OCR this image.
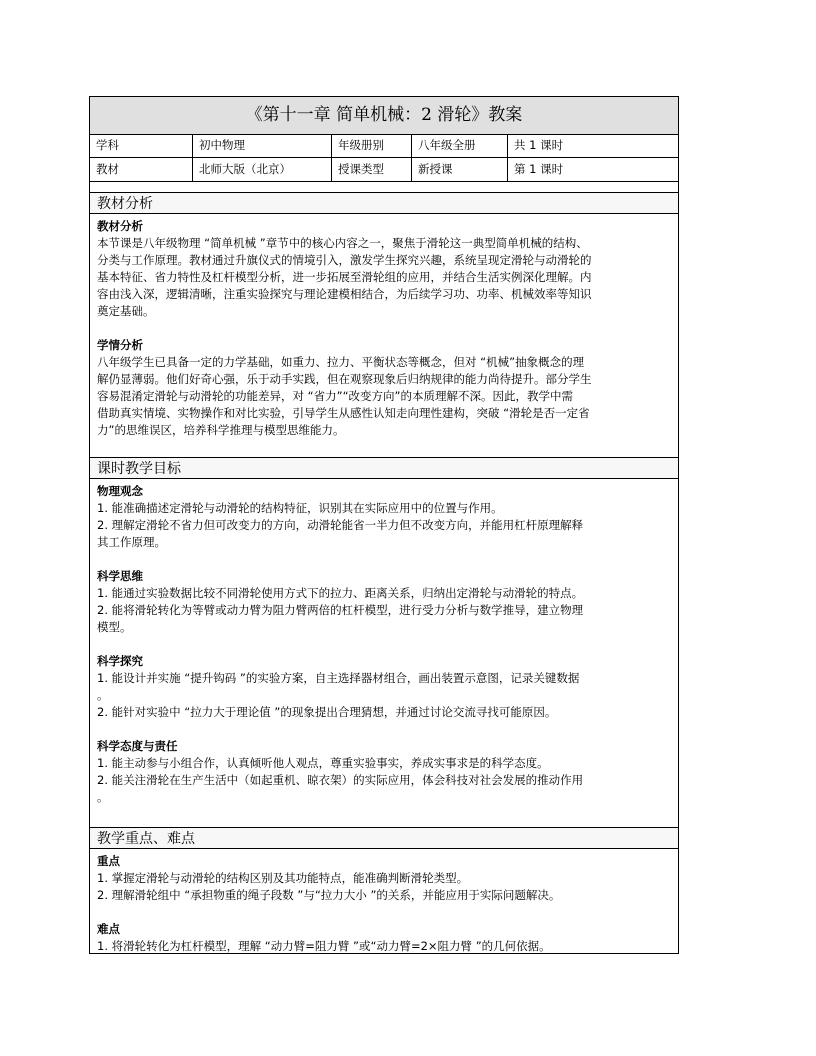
《第十一章 简单机械：2 滑轮》教案
学科	初中物理	年级册别	八年级全册	共 1 课时
教材	北师大版（北京）	授课类型	新授课	第 1 课时
教材分析
教材分析

本节课是八年级物理 “简单机械 ”章节中的核心内容之一，聚焦于滑轮这一典型简单机械的结构、

分类与工作原理。教材通过升旗仪式的情境引入，激发学生探究兴趣，系统呈现定滑轮与动滑轮的

基本特征、省力特性及杠杆模型分析，进一步拓展至滑轮组的应用，并结合生活实例深化理解。内

容由浅入深，逻辑清晰，注重实验探究与理论建模相结合，为后续学习功、功率、机械效率等知识

奠定基础。

学情分析

八年级学生已具备一定的力学基础，如重力、拉力、平衡状态等概念，但对 “机械”抽象概念的理

解仍显薄弱。他们好奇心强，乐于动手实践，但在观察现象后归纳规律的能力尚待提升。部分学生

容易混淆定滑轮与动滑轮的功能差异，对 “省力”“改变方向”的本质理解不深。因此，教学中需

借助真实情境、实物操作和对比实验，引导学生从感性认知走向理性建构，突破 “滑轮是否一定省

力”的思维误区，培养科学推理与模型思维能力。

课时教学目标
物理观念

1. 能准确描述定滑轮与动滑轮的结构特征，识别其在实际应用中的位置与作用。

2. 理解定滑轮不省力但可改变力的方向，动滑轮能省一半力但不改变方向，并能用杠杆原理解释

其工作原理。

科学思维

1. 能通过实验数据比较不同滑轮使用方式下的拉力、距离关系，归纳出定滑轮与动滑轮的特点。

2. 能将滑轮转化为等臂或动力臂为阻力臂两倍的杠杆模型，进行受力分析与数学推导，建立物理

模型。

科学探究

1. 能设计并实施 “提升钩码 ”的实验方案，自主选择器材组合，画出装置示意图，记录关键数据

。

2. 能针对实验中 “拉力大于理论值 ”的现象提出合理猜想，并通过讨论交流寻找可能原因。

科学态度与责任

1. 能主动参与小组合作，认真倾听他人观点，尊重实验事实，养成实事求是的科学态度。

2. 能关注滑轮在生产生活中（如起重机、晾衣架）的实际应用，体会科技对社会发展的推动作用

。

教学重点、难点
重点

1. 掌握定滑轮与动滑轮的结构区别及其功能特点，能准确判断滑轮类型。

2. 理解滑轮组中 “承担物重的绳子段数 ”与“拉力大小 ”的关系，并能应用于实际问题解决。

难点

1. 将滑轮转化为杠杆模型，理解 “动力臂=阻力臂 ”或“动力臂=2×阻力臂 ”的几何依据。
